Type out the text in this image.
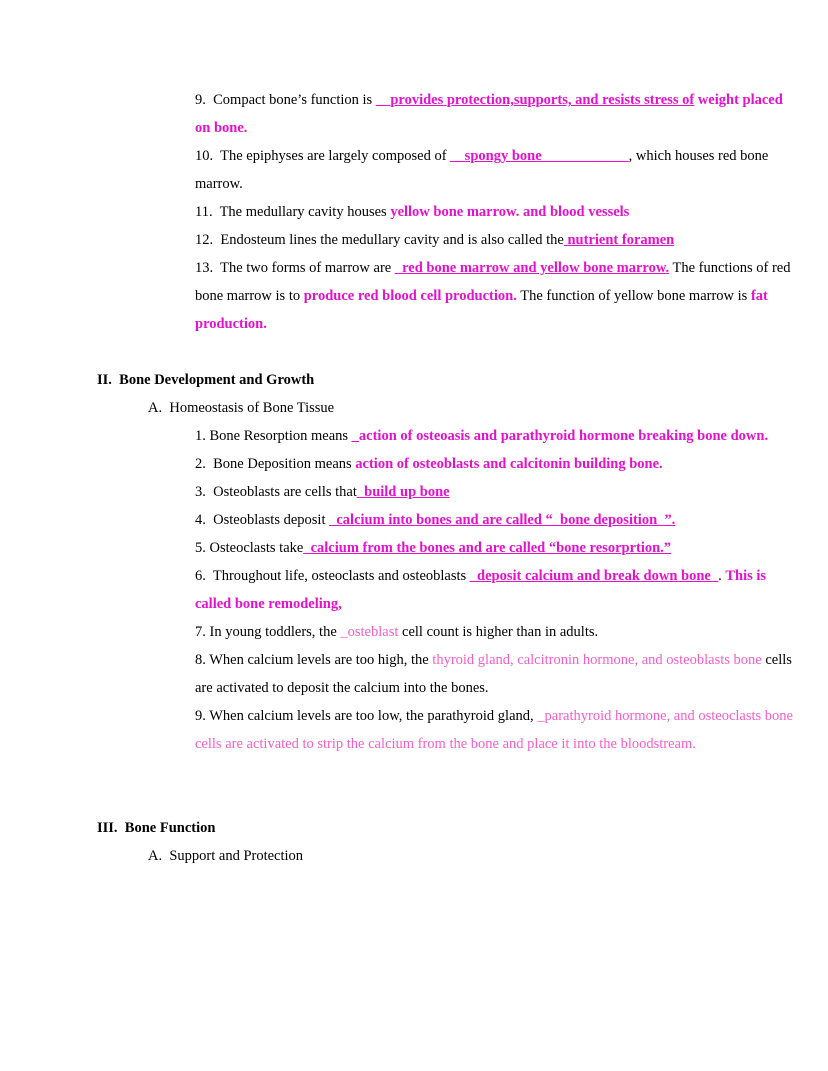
9.  Compact bone’s function is __provides protection,supports, and resists stress of weight placed on bone.
10.  The epiphyses are largely composed of __spongy bone____________, which houses red bone marrow.
11.  The medullary cavity houses yellow bone marrow. and blood vessels
12.  Endosteum lines the medullary cavity and is also called the nutrient foramen
13.  The two forms of marrow are _red bone marrow and yellow bone marrow. The functions of red bone marrow is to produce red blood cell production. The function of yellow bone marrow is fat production.
II.  Bone Development and Growth
A.  Homeostasis of Bone Tissue
1. Bone Resorption means _action of osteoasis and parathyroid hormone breaking bone down.
2.  Bone Deposition means action of osteoblasts and calcitonin building bone.
3.  Osteoblasts are cells that_build up bone
4.  Osteoblasts deposit _calcium into bones and are called “_bone deposition_”.
5. Osteoclasts take_calcium from the bones and are called “bone resorprtion.”
6.  Throughout life, osteoclasts and osteoblasts _deposit calcium and break down bone_. This is called bone remodeling,
7. In young toddlers, the _osteblast cell count is higher than in adults.
8. When calcium levels are too high, the thyroid gland, calcitronin hormone, and osteoblasts bone cells are activated to deposit the calcium into the bones.
9. When calcium levels are too low, the parathyroid gland, _parathyroid hormone, and osteoclasts bone cells are activated to strip the calcium from the bone and place it into the bloodstream.
III.  Bone Function
A.  Support and Protection
